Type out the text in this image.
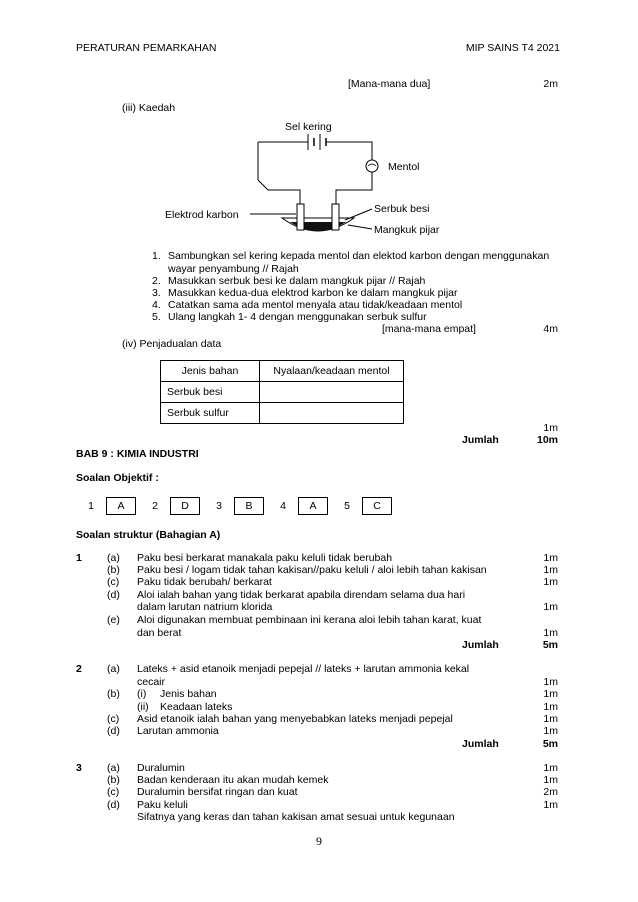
PERATURAN PEMARKAHAN	MIP SAINS T4 2021
[Mana-mana dua]	2m
(iii) Kaedah
Sel kering
Mentol
Serbuk besi
Elektrod karbon
Mangkuk pijar
1. Sambungkan sel kering kepada mentol dan elektod karbon dengan menggunakan
wayar penyambung // Rajah
2. Masukkan serbuk besi ke dalam mangkuk pijar // Rajah
3. Masukkan kedua-dua elektrod karbon ke dalam mangkuk pijar
4. Catatkan sama ada mentol menyala atau tidak/keadaan mentol
5. Ulang langkah 1- 4 dengan menggunakan serbuk sulfur
[mana-mana empat]	4m
(iv) Penjadualan data
Jenis bahan	Nyalaan/keadaan mentol
Serbuk besi	
Serbuk sulfur	
1m
Jumlah	10m
BAB 9 : KIMIA INDUSTRI
Soalan Objektif :
1	A	2	D	3	B	4	A	5	C
Soalan struktur (Bahagian A)
1 (a) Paku besi berkarat manakala paku keluli tidak berubah	1m
(b) Paku besi / logam tidak tahan kakisan//paku keluli / aloi lebih tahan kakisan	1m
(c) Paku tidak berubah/ berkarat	1m
(d) Aloi ialah bahan yang tidak berkarat apabila direndam selama dua hari
dalam larutan natrium klorida	1m
(e) Aloi digunakan membuat pembinaan ini kerana aloi lebih tahan karat, kuat
dan berat	1m
Jumlah	5m
2 (a) Lateks + asid etanoik menjadi pepejal // lateks + larutan ammonia kekal
cecair	1m
(b) (i) Jenis bahan	1m
(ii) Keadaan lateks	1m
(c) Asid etanoik ialah bahan yang menyebabkan lateks menjadi pepejal	1m
(d) Larutan ammonia	1m
Jumlah	5m
3 (a) Duralumin	1m
(b) Badan kenderaan itu akan mudah kemek	1m
(c) Duralumin bersifat ringan dan kuat	2m
(d) Paku keluli	1m
Sifatnya yang keras dan tahan kakisan amat sesuai untuk kegunaan
9
